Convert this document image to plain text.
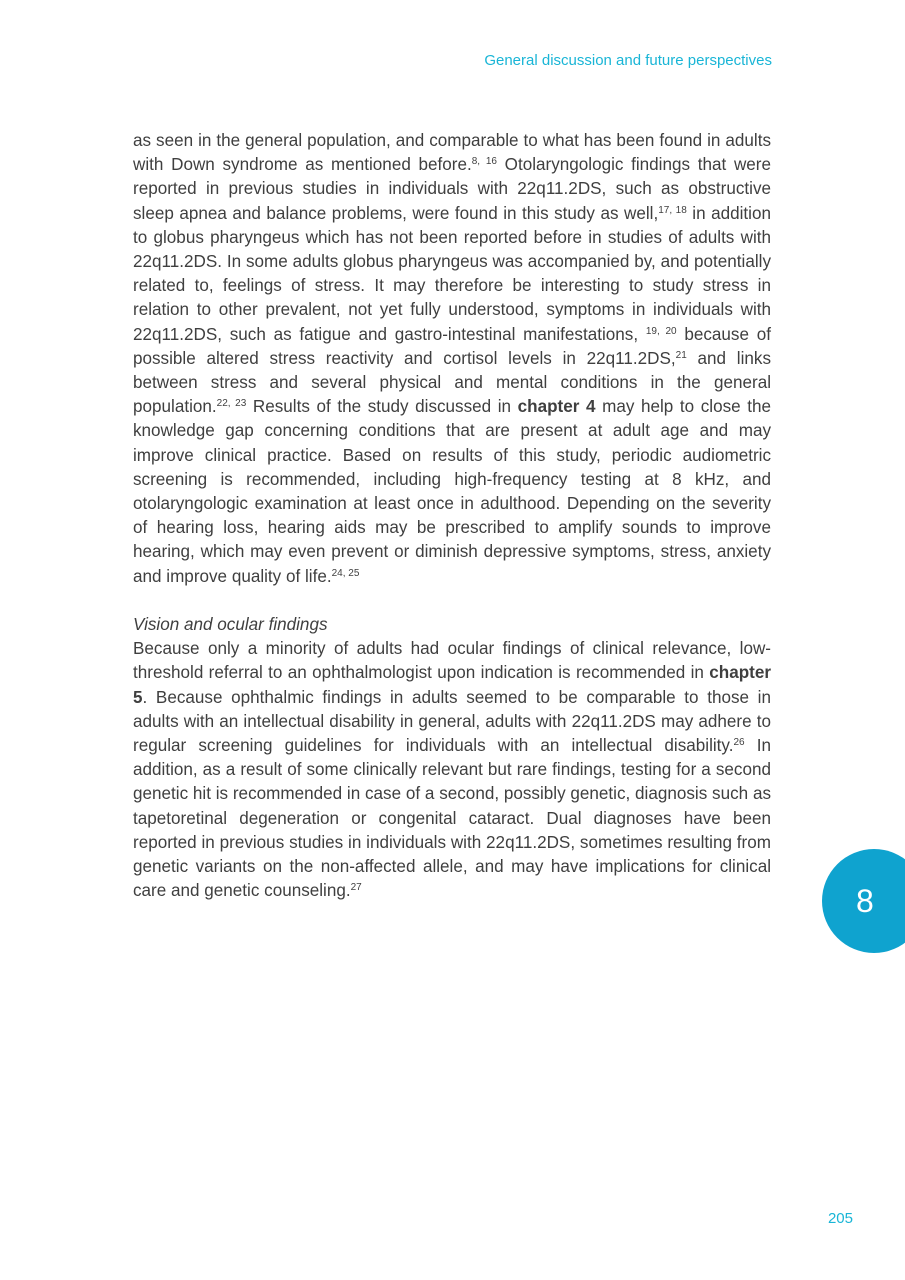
General discussion and future perspectives

as seen in the general population, and comparable to what has been found in adults with Down syndrome as mentioned before.$^{8, 16}$ Otolaryngologic findings that were reported in previous studies in individuals with 22q11.2DS, such as obstructive sleep apnea and balance problems, were found in this study as well,$^{17, 18}$ in addition to globus pharyngeus which has not been reported before in studies of adults with 22q11.2DS. In some adults globus pharyngeus was accompanied by, and potentially related to, feelings of stress. It may therefore be interesting to study stress in relation to other prevalent, not yet fully understood, symptoms in individuals with 22q11.2DS, such as fatigue and gastro-intestinal manifestations, $^{19, 20}$ because of possible altered stress reactivity and cortisol levels in 22q11.2DS,$^{21}$ and links between stress and several physical and mental conditions in the general population.$^{22, 23}$ Results of the study discussed in chapter 4 may help to close the knowledge gap concerning conditions that are present at adult age and may improve clinical practice. Based on results of this study, periodic audiometric screening is recommended, including high-frequency testing at 8 kHz, and otolaryngologic examination at least once in adulthood. Depending on the severity of hearing loss, hearing aids may be prescribed to amplify sounds to improve hearing, which may even prevent or diminish depressive symptoms, stress, anxiety and improve quality of life.$^{24, 25}$

Vision and ocular findings

Because only a minority of adults had ocular findings of clinical relevance, low-threshold referral to an ophthalmologist upon indication is recommended in chapter 5. Because ophthalmic findings in adults seemed to be comparable to those in adults with an intellectual disability in general, adults with 22q11.2DS may adhere to regular screening guidelines for individuals with an intellectual disability.$^{26}$ In addition, as a result of some clinically relevant but rare findings, testing for a second genetic hit is recommended in case of a second, possibly genetic, diagnosis such as tapetoretinal degeneration or congenital cataract. Dual diagnoses have been reported in previous studies in individuals with 22q11.2DS, sometimes resulting from genetic variants on the non-affected allele, and may have implications for clinical care and genetic counseling.$^{27}$	8
205
